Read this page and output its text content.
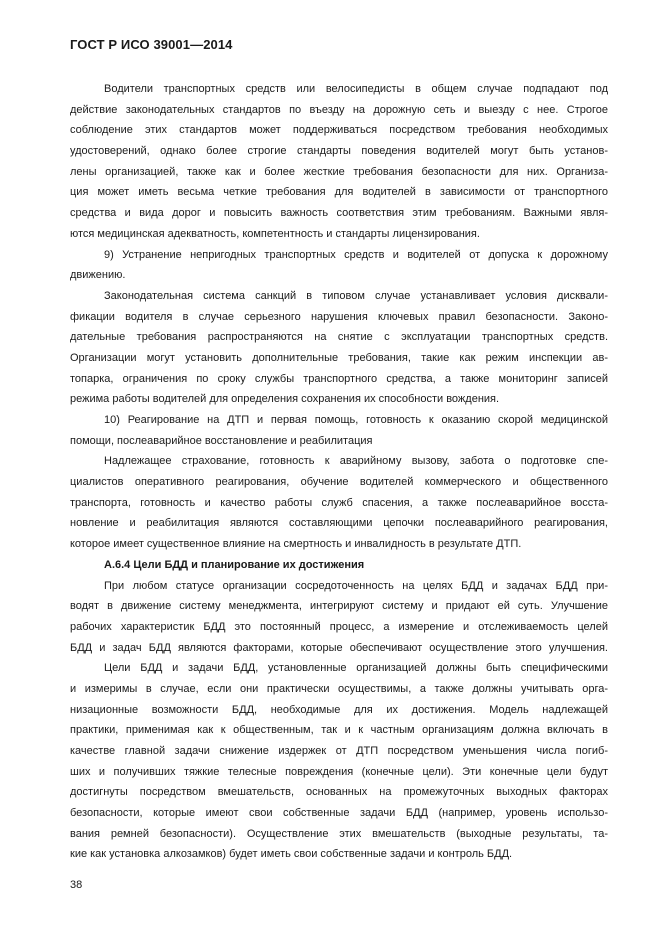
ГОСТ Р ИСО 39001—2014
Водители транспортных средств или велосипедисты в общем случае подпадают под
действие законодательных стандартов по въезду на дорожную сеть и выезду с нее. Строгое
соблюдение этих стандартов может поддерживаться посредством требования необходимых
удостоверений, однако более строгие стандарты поведения водителей могут быть установ-
лены организацией, также как и более жесткие требования безопасности для них. Организа-
ция может иметь весьма четкие требования для водителей в зависимости от транспортного
средства и вида дорог и повысить важность соответствия этим требованиям. Важными явля-
ются медицинская адекватность, компетентность и стандарты лицензирования.
9) Устранение непригодных транспортных средств и водителей от допуска к дорожному
движению.
Законодательная система санкций в типовом случае устанавливает условия дисквали-
фикации водителя в случае серьезного нарушения ключевых правил безопасности. Законо-
дательные требования распространяются на снятие с эксплуатации транспортных средств.
Организации могут установить дополнительные требования, такие как режим инспекции ав-
топарка, ограничения по сроку службы транспортного средства, а также мониторинг записей
режима работы водителей для определения сохранения их способности вождения.
10) Реагирование на ДТП и первая помощь, готовность к оказанию скорой медицинской
помощи, послеаварийное восстановление и реабилитация
Надлежащее страхование, готовность к аварийному вызову, забота о подготовке спе-
циалистов оперативного реагирования, обучение водителей коммерческого и общественного
транспорта, готовность и качество работы служб спасения, а также послеаварийное восста-
новление и реабилитация являются составляющими цепочки послеаварийного реагирования,
которое имеет существенное влияние на смертность и инвалидность в результате ДТП.
А.6.4 Цели БДД и планирование их достижения
При любом статусе организации сосредоточенность на целях БДД и задачах БДД при-
водят в движение систему менеджмента, интегрируют систему и придают ей суть. Улучшение
рабочих характеристик БДД это постоянный процесс, а измерение и отслеживаемость целей
БДД и задач БДД являются факторами, которые обеспечивают осуществление этого улучшения.
Цели БДД и задачи БДД, установленные организацией должны быть специфическими
и измеримы в случае, если они практически осуществимы, а также должны учитывать орга-
низационные возможности БДД, необходимые для их достижения. Модель надлежащей
практики, применимая как к общественным, так и к частным организациям должна включать в
качестве главной задачи снижение издержек от ДТП посредством уменьшения числа погиб-
ших и получивших тяжкие телесные повреждения (конечные цели). Эти конечные цели будут
достигнуты посредством вмешательств, основанных на промежуточных выходных факторах
безопасности, которые имеют свои собственные задачи БДД (например, уровень использо-
вания ремней безопасности). Осуществление этих вмешательств (выходные результаты, та-
кие как установка алкозамков) будет иметь свои собственные задачи и контроль БДД.
38
